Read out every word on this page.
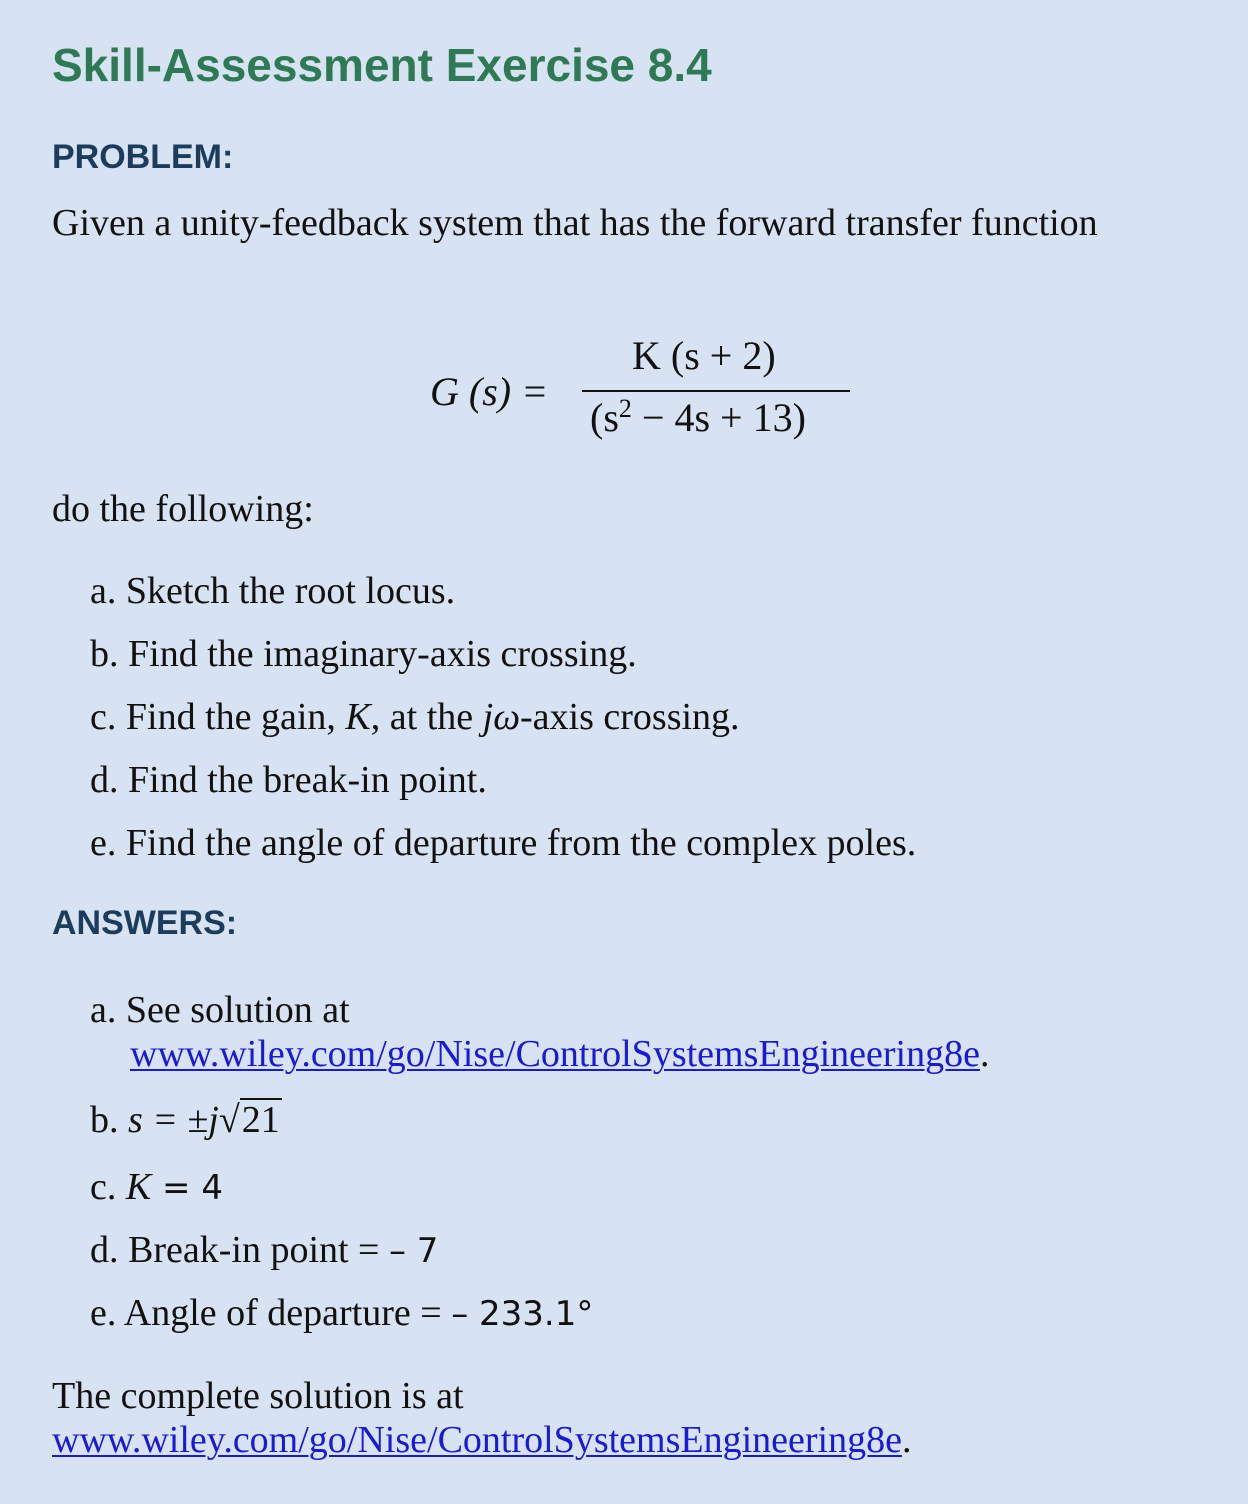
Skill-Assessment Exercise 8.4
PROBLEM:

Given a unity-feedback system that has the forward transfer function

G (s) =
K (s + 2)
$(s^2 - 4s + 13)$

do the following:

a. Sketch the root locus.

b. Find the imaginary-axis crossing.

c. Find the gain, K, at the jω-axis crossing.

d. Find the break-in point.

e. Find the angle of departure from the complex poles.

ANSWERS:

a. See solution at
www.wiley.com/go/Nise/ControlSystemsEngineering8e.

b. s = ±j√21

c. K = 4

d. Break-in point = – 7

e. Angle of departure = – 233.1°

The complete solution is at
www.wiley.com/go/Nise/ControlSystemsEngineering8e.
